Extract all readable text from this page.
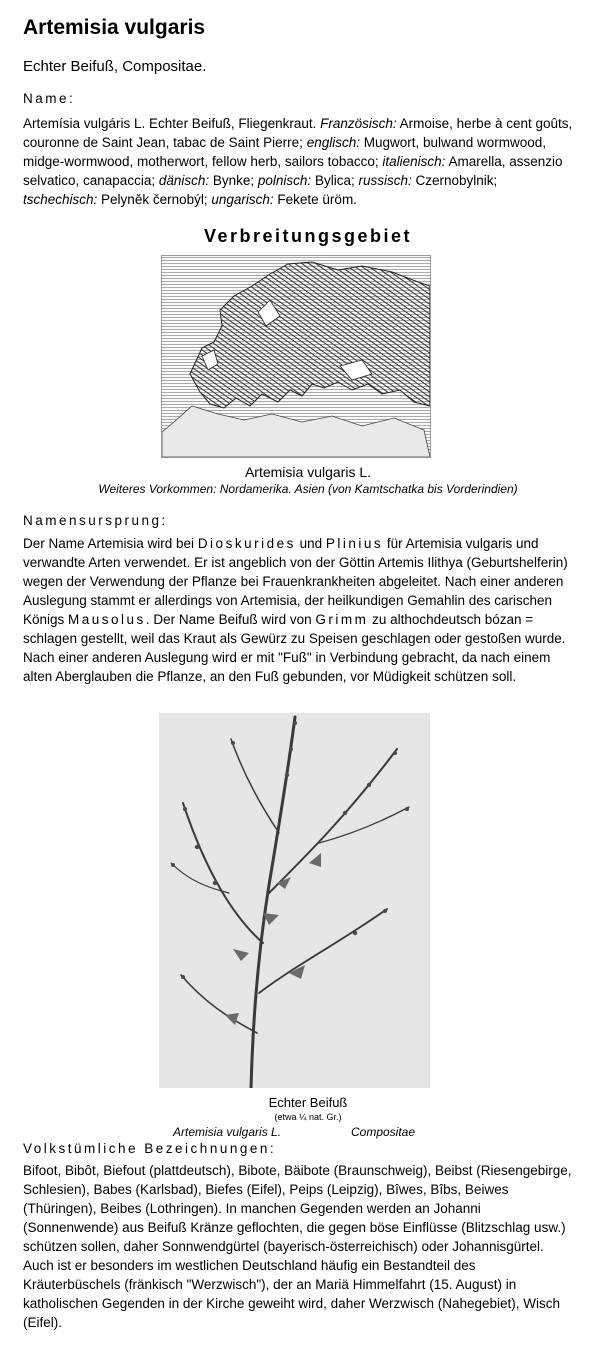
Artemisia vulgaris
Echter Beifuß, Compositae.
Name:
Artemísia vulgáris L. Echter Beifuß, Fliegenkraut. Französisch: Armoise, herbe à cent goûts, couronne de Saint Jean, tabac de Saint Pierre; englisch: Mugwort, bulwand wormwood, midge-wormwood, motherwort, fellow herb, sailors tobacco; italienisch: Amarella, assenzio selvatico, canapaccia; dänisch: Bynke; polnisch: Bylica; russisch: Czernobylnik; tschechisch: Pelyněk černobýl; ungarisch: Fekete üröm.
Verbreitungsgebiet
Artemisia vulgaris L.
Weiteres Vorkommen: Nordamerika. Asien (von Kamtschatka bis Vorderindien)
Namensursprung:
Der Name Artemisia wird bei Dioskurides und Plinius für Artemisia vulgaris und verwandte Arten verwendet. Er ist angeblich von der Göttin Artemis Ilithya (Geburtshelferin) wegen der Verwendung der Pflanze bei Frauenkrankheiten abgeleitet. Nach einer anderen Auslegung stammt er allerdings von Artemisia, der heilkundigen Gemahlin des carischen Königs Mausolus. Der Name Beifuß wird von Grimm zu althochdeutsch bózan = schlagen gestellt, weil das Kraut als Gewürz zu Speisen geschlagen oder gestoßen wurde. Nach einer anderen Auslegung wird er mit "Fuß" in Verbindung gebracht, da nach einem alten Aberglauben die Pflanze, an den Fuß gebunden, vor Müdigkeit schützen soll.
Echter Beifuß
(etwa ¼ nat. Gr.)
Artemisia vulgaris L.	Compositae
Volkstümliche Bezeichnungen:
Bifoot, Bibôt, Biefout (plattdeutsch), Bibote, Bäibote (Braunschweig), Beibst (Riesengebirge, Schlesien), Babes (Karlsbad), Biefes (Eifel), Peips (Leipzig), Bîwes, Bîbs, Beiwes (Thüringen), Beibes (Lothringen). In manchen Gegenden werden an Johanni (Sonnenwende) aus Beifuß Kränze geflochten, die gegen böse Einflüsse (Blitzschlag usw.) schützen sollen, daher Sonnwendgürtel (bayerisch-österreichisch) oder Johannisgürtel. Auch ist er besonders im westlichen Deutschland häufig ein Bestandteil des Kräuterbüschels (fränkisch "Werzwisch"), der an Mariä Himmelfahrt (15. August) in katholischen Gegenden in der Kirche geweiht wird, daher Werzwisch (Nahegebiet), Wisch (Eifel).
